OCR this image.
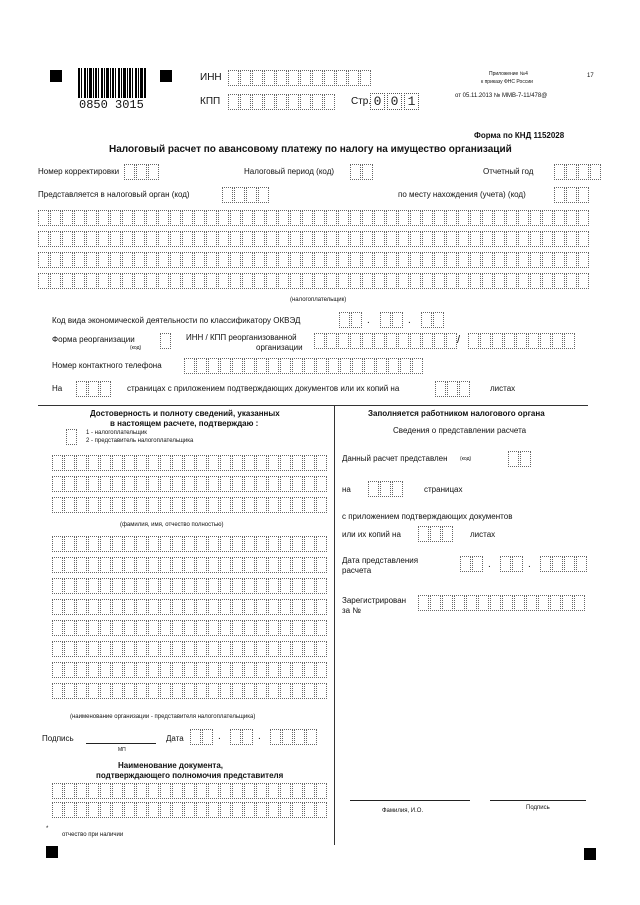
0850 3015
ИНН
КПП	Стр. 0 0 1
Приложение №4
к приказу ФНС России
от 05.11.2013 № ММВ-7-11/478@
17
Форма по КНД 1152028
Налоговый расчет по авансовому платежу по налогу на имущество организаций
Номер корректировки	Налоговый период (код)	Отчетный год
Представляется в налоговый орган (код)	по месту нахождения (учета) (код)
(налогоплательщик)
Код вида экономической деятельности по классификатору ОКВЭД	.	.
Форма реорганизации
(код)
ИНН / КПП реорганизованной
организации
/
Номер контактного телефона
На	страницах с приложением подтверждающих документов или их копий на	листах
Достоверность и полноту сведений, указанных
в настоящем расчете, подтверждаю :
1 - налогоплательщик
2 - представитель налогоплательщика
(фамилия, имя, отчество полностью)
(наименование организации - представителя налогоплательщика)
Подпись
МП
Дата	.	.
Наименование документа,
подтверждающего полномочия представителя
*
отчество при наличии
Заполняется работником налогового органа
Сведения о представлении расчета
Данный расчет представлен (код)
на	страницах
с приложением подтверждающих документов
или их копий на	листах
Дата представления
расчета
.	.
Зарегистрирован
за №
Фамилия, И.О.	Подпись
